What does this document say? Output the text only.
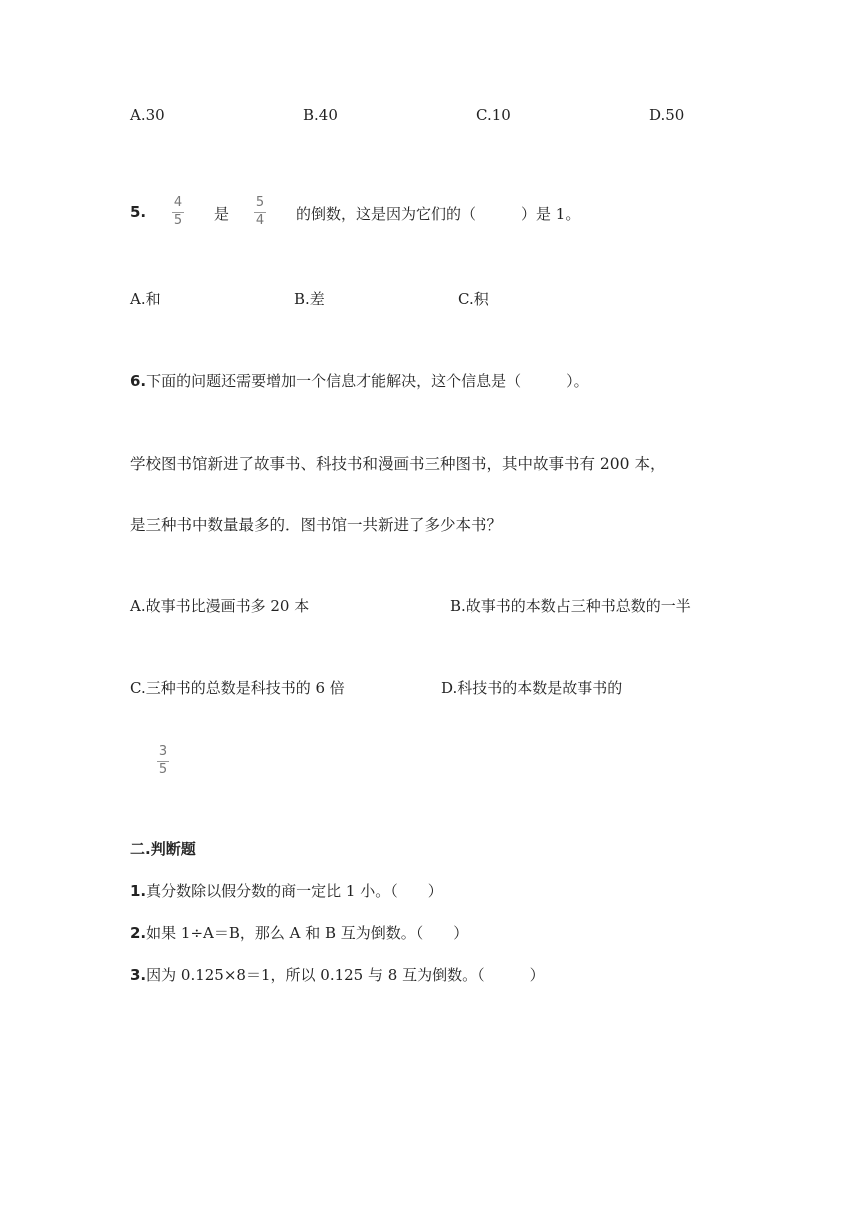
A.30	B.40	C.10	D.50
5.
4
5 是
5
4 的倒数，这是因为它们的（　　　）是 1。
A.和	B.差	C.积
6.下面的问题还需要增加一个信息才能解决，这个信息是（　　　）。
学校图书馆新进了故事书、科技书和漫画书三种图书，其中故事书有 200 本，
是三种书中数量最多的．图书馆一共新进了多少本书？
A.故事书比漫画书多 20 本	B.故事书的本数占三种书总数的一半
C.三种书的总数是科技书的 6 倍	D.科技书的本数是故事书的
3
5
二.判断题
1.真分数除以假分数的商一定比 1 小。（　　）
2.如果 1÷A＝B，那么 A 和 B 互为倒数。（　　）
3.因为 0.125×8＝1，所以 0.125 与 8 互为倒数。（　　　）
